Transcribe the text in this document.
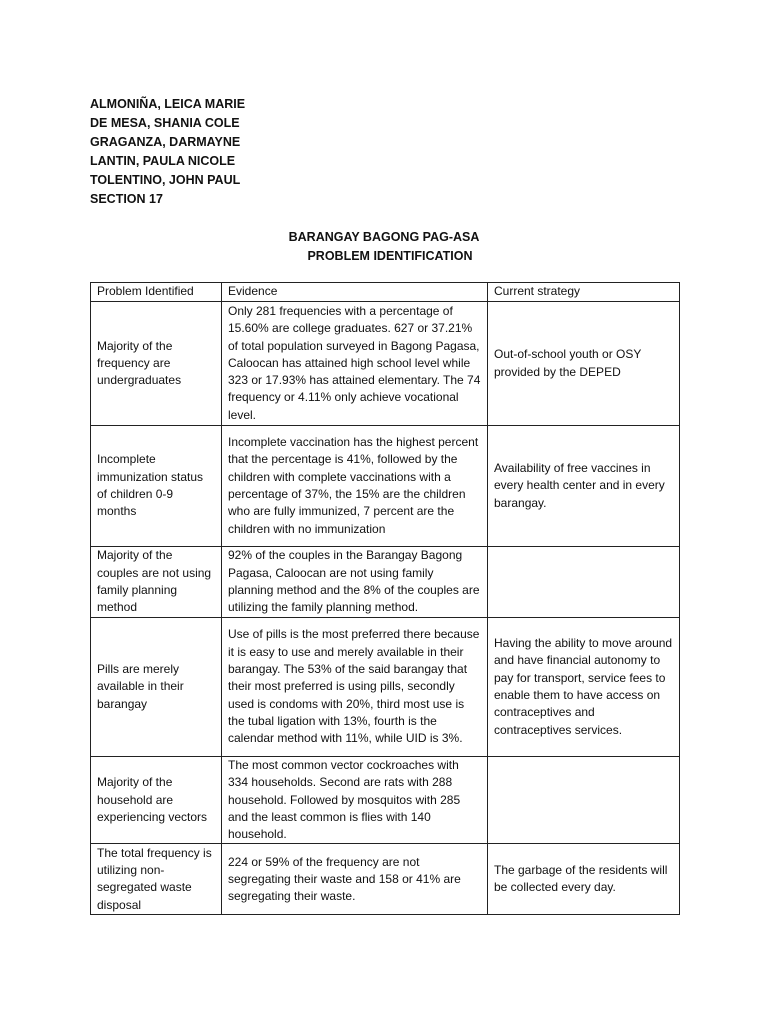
ALMONIÑA, LEICA MARIE
DE MESA, SHANIA COLE
GRAGANZA, DARMAYNE
LANTIN, PAULA NICOLE
TOLENTINO, JOHN PAUL
SECTION 17
BARANGAY BAGONG PAG-ASA
PROBLEM IDENTIFICATION
Problem Identified	Evidence	Current strategy
Majority of the frequency are undergraduates	Only 281 frequencies with a percentage of 15.60% are college graduates. 627 or 37.21% of total population surveyed in Bagong Pagasa, Caloocan has attained high school level while 323 or 17.93% has attained elementary. The 74 frequency or 4.11% only achieve vocational level.	Out-of-school youth or OSY provided by the DEPED
Incomplete immunization status of children 0-9 months	Incomplete vaccination has the highest percent that the percentage is 41%, followed by the children with complete vaccinations with a percentage of 37%, the 15% are the children who are fully immunized, 7 percent are the children with no immunization	Availability of free vaccines in every health center and in every barangay.
Majority of the couples are not using family planning method	92% of the couples in the Barangay Bagong Pagasa, Caloocan are not using family planning method and the 8% of the couples are utilizing the family planning method.	
Pills are merely available in their barangay	Use of pills is the most preferred there because it is easy to use and merely available in their barangay. The 53% of the said barangay that their most preferred is using pills, secondly used is condoms with 20%, third most use is the tubal ligation with 13%, fourth is the calendar method with 11%, while UID is 3%.	Having the ability to move around and have financial autonomy to pay for transport, service fees to enable them to have access on contraceptives and contraceptives services.
Majority of the household are experiencing vectors	The most common vector cockroaches with 334 households. Second are rats with 288 household. Followed by mosquitos with 285 and the least common is flies with 140 household.	
The total frequency is utilizing non-segregated waste disposal	224 or 59% of the frequency are not segregating their waste and 158 or 41% are segregating their waste.	The garbage of the residents will be collected every day.
